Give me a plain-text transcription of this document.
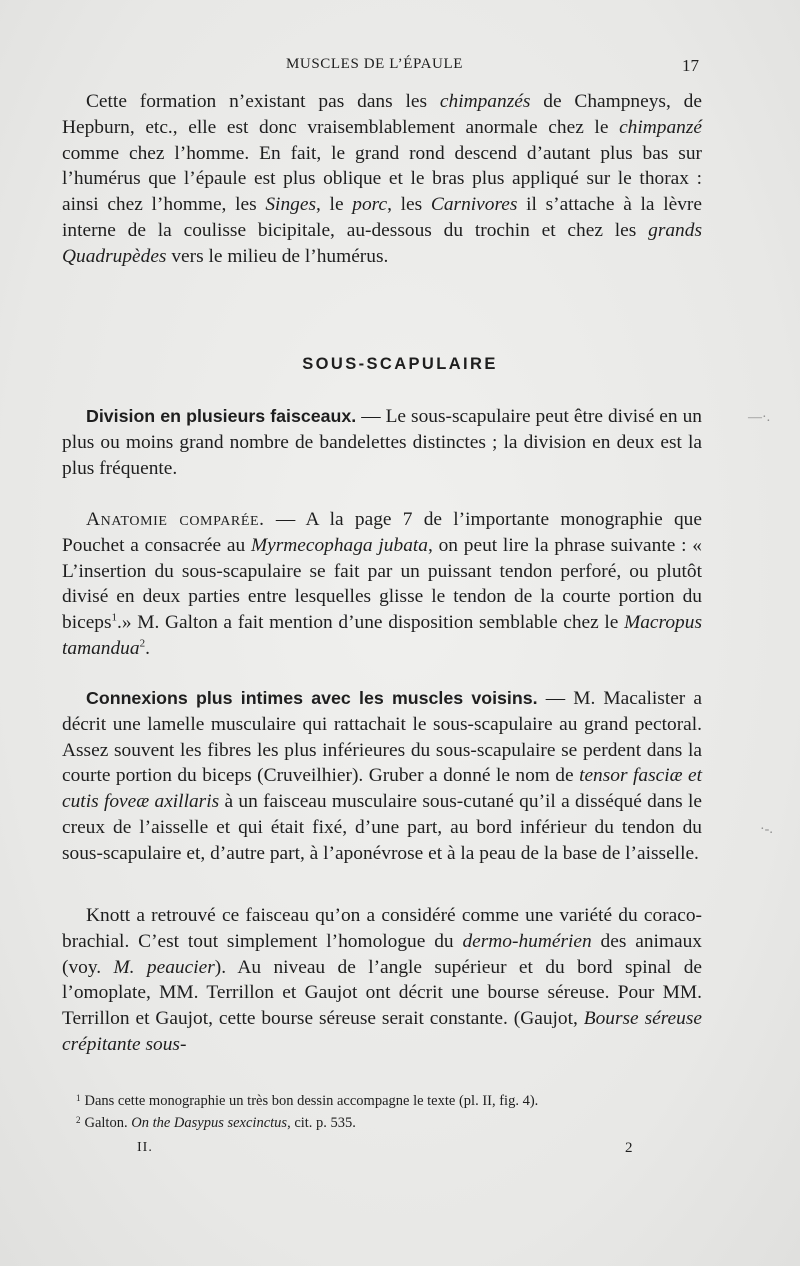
MUSCLES DE L’ÉPAULE	17

Cette formation n’existant pas dans les chimpanzés de Champneys, de Hepburn, etc., elle est donc vraisemblablement anormale chez le chimpanzé comme chez l’homme. En fait, le grand rond descend d’autant plus bas sur l’humérus que l’épaule est plus oblique et le bras plus appliqué sur le thorax : ainsi chez l’homme, les Singes, le porc, les Carnivores il s’attache à la lèvre interne de la coulisse bicipitale, au-dessous du trochin et chez les grands Quadrupèdes vers le milieu de l’humérus.

SOUS-SCAPULAIRE

Division en plusieurs faisceaux. — Le sous-scapulaire peut être divisé en un plus ou moins grand nombre de bandelettes distinctes ; la division en deux est la plus fréquente.

Anatomie comparée. — A la page 7 de l’importante monographie que Pouchet a consacrée au Myrmecophaga jubata, on peut lire la phrase suivante : « L’insertion du sous-scapulaire se fait par un puissant tendon perforé, ou plutôt divisé en deux parties entre lesquelles glisse le tendon de la courte portion du biceps$^1$.» M. Galton a fait mention d’une disposition semblable chez le Macropus tamandua$^2$.

Connexions plus intimes avec les muscles voisins. — M. Macalister a décrit une lamelle musculaire qui rattachait le sous-scapulaire au grand pectoral. Assez souvent les fibres les plus inférieures du sous-scapulaire se perdent dans la courte portion du biceps (Cruveilhier). Gruber a donné le nom de tensor fasciæ et cutis foveæ axillaris à un faisceau musculaire sous-cutané qu’il a disséqué dans le creux de l’aisselle et qui était fixé, d’une part, au bord inférieur du tendon du sous-scapulaire et, d’autre part, à l’aponévrose et à la peau de la base de l’aisselle.

Knott a retrouvé ce faisceau qu’on a considéré comme une variété du coraco-brachial. C’est tout simplement l’homologue du dermo-humérien des animaux (voy. M. peaucier). Au niveau de l’angle supérieur et du bord spinal de l’omoplate, MM. Terrillon et Gaujot ont décrit une bourse séreuse. Pour MM. Terrillon et Gaujot, cette bourse séreuse serait constante. (Gaujot, Bourse séreuse crépitante sous-

$^1$ Dans cette monographie un très bon dessin accompagne le texte (pl. II, fig. 4).
$^2$ Galton. On the Dasypus sexcinctus, cit. p. 535.
II.	2
—·.
·-.
